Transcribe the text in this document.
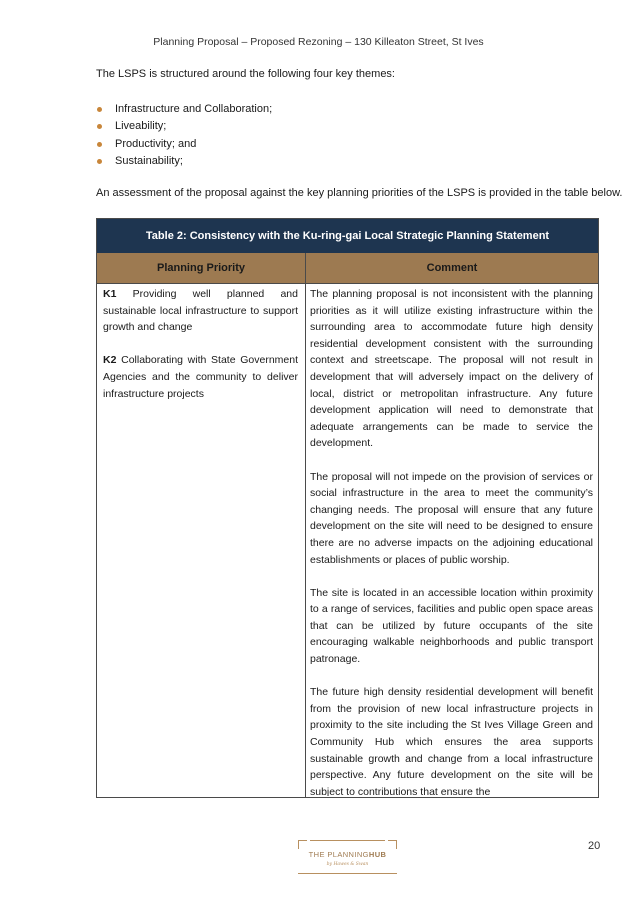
Planning Proposal – Proposed Rezoning – 130 Killeaton Street, St Ives
The LSPS is structured around the following four key themes:
Infrastructure and Collaboration;
Liveability;
Productivity; and
Sustainability;
An assessment of the proposal against the key planning priorities of the LSPS is provided in the table below.
Table 2: Consistency with the Ku-ring-gai Local Strategic Planning Statement
Planning Priority	Comment

K1 Providing well planned and sustainable local infrastructure to support growth and change

K2 Collaborating with State Government Agencies and the community to deliver infrastructure projects

The planning proposal is not inconsistent with the planning priorities as it will utilize existing infrastructure within the surrounding area to accommodate future high density residential development consistent with the surrounding context and streetscape. The proposal will not result in development that will adversely impact on the delivery of local, district or metropolitan infrastructure. Any future development application will need to demonstrate that adequate arrangements can be made to service the development.

The proposal will not impede on the provision of services or social infrastructure in the area to meet the community’s changing needs. The proposal will ensure that any future development on the site will need to be designed to ensure there are no adverse impacts on the adjoining educational establishments or places of public worship.

The site is located in an accessible location within proximity to a range of services, facilities and public open space areas that can be utilized by future occupants of the site encouraging walkable neighborhoods and public transport patronage.

The future high density residential development will benefit from the provision of new local infrastructure projects in proximity to the site including the St Ives Village Green and Community Hub which ensures the area supports sustainable growth and change from a local infrastructure perspective. Any future development on the site will be subject to contributions that ensure the

THE PLANNINGHUB
by Hawes & Swan
20
